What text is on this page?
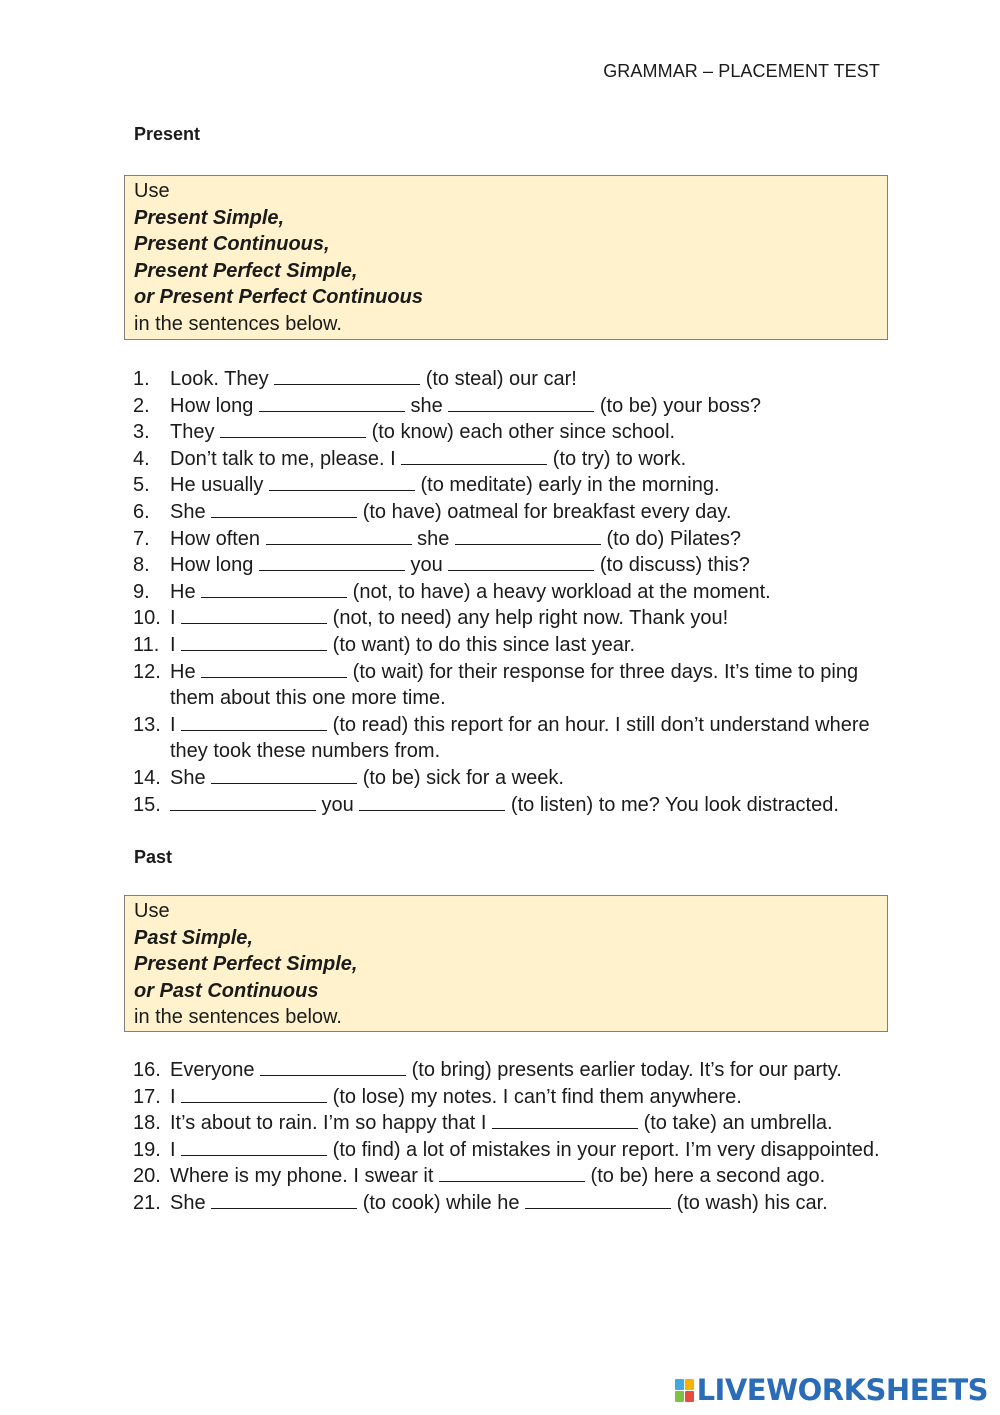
GRAMMAR – PLACEMENT TEST
Present
Use
Present Simple,
Present Continuous,
Present Perfect Simple,
or Present Perfect Continuous
in the sentences below.
1. Look. They	(to steal) our car!
2. How long	she	(to be) your boss?
3. They	(to know) each other since school.
4. Don’t talk to me, please. I	(to try) to work.
5. He usually	(to meditate) early in the morning.
6. She	(to have) oatmeal for breakfast every day.
7. How often	she	(to do) Pilates?
8. How long	you	(to discuss) this?
9. He	(not, to have) a heavy workload at the moment.
10. I	(not, to need) any help right now. Thank you!
11. I	(to want) to do this since last year.
12. He	(to wait) for their response for three days. It’s time to ping them about this one more time.
13. I	(to read) this report for an hour. I still don’t understand where they took these numbers from.
14. She	(to be) sick for a week.
15.	you	(to listen) to me? You look distracted.
Past
Use
Past Simple,
Present Perfect Simple,
or Past Continuous
in the sentences below.
16. Everyone	(to bring) presents earlier today. It’s for our party.
17. I	(to lose) my notes. I can’t find them anywhere.
18. It’s about to rain. I’m so happy that I	(to take) an umbrella.
19. I	(to find) a lot of mistakes in your report. I’m very disappointed.
20. Where is my phone. I swear it	(to be) here a second ago.
21. She	(to cook) while he	(to wash) his car.
LIVEWORKSHEETS
